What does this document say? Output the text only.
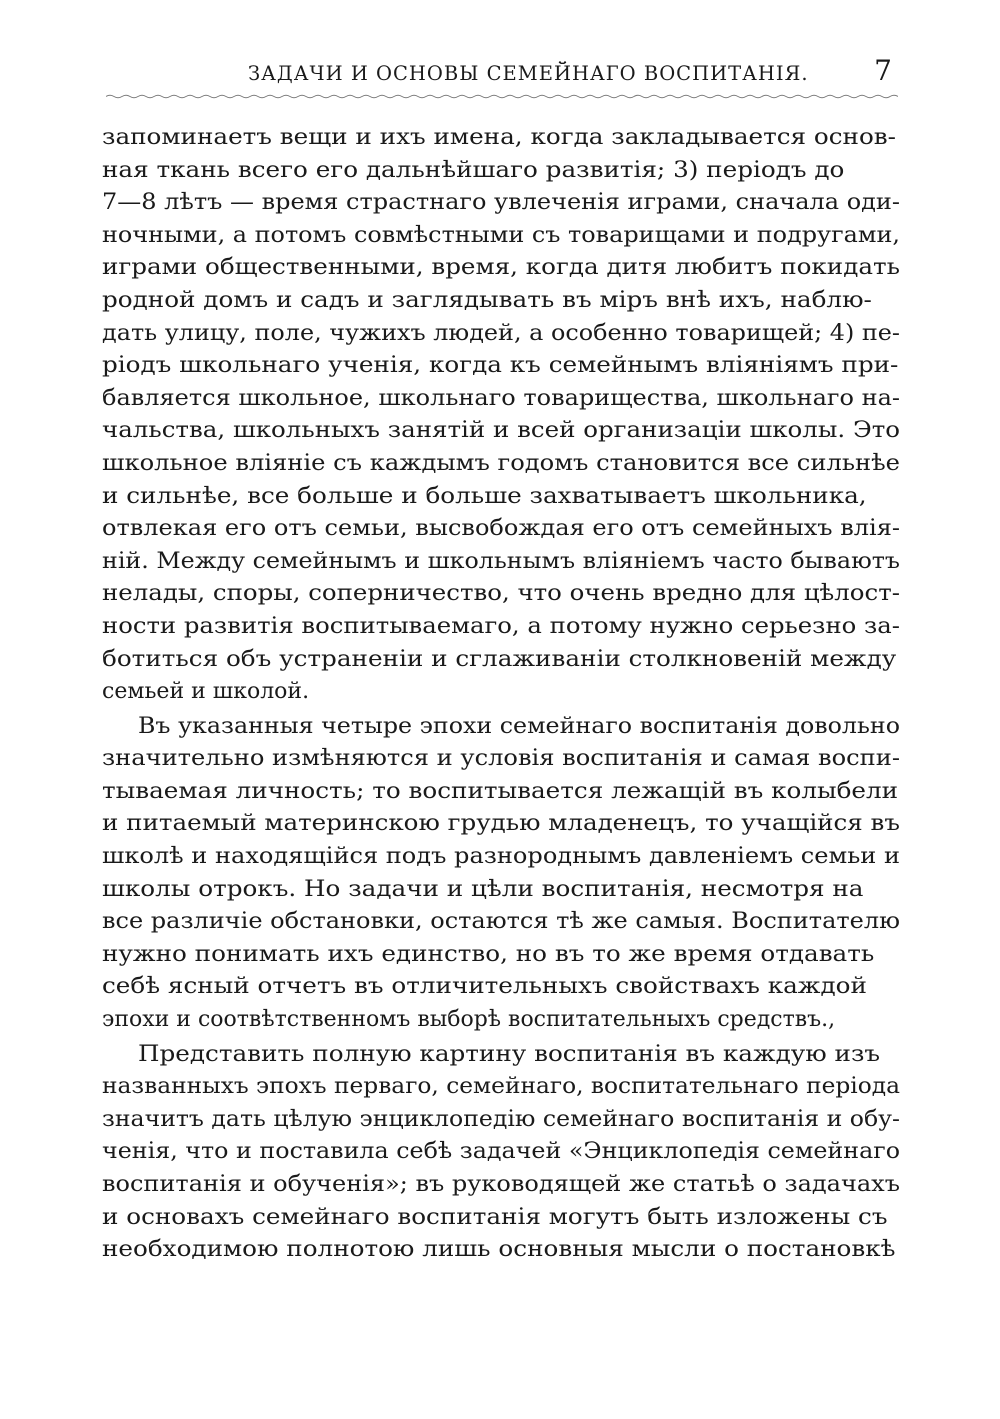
ЗАДАЧИ И ОСНОВЫ СЕМЕЙНАГО ВОСПИТАНІЯ. 7
запоминаетъ вещи и ихъ имена, когда закладывается основ-
ная ткань всего его дальнѣйшаго развитія; 3) періодъ до
7—8 лѣтъ — время страстнаго увлеченія играми, сначала оди-
ночными, а потомъ совмѣстными съ товарищами и подругами,
играми общественными, время, когда дитя любитъ покидать
родной домъ и садъ и заглядывать въ міръ внѣ ихъ, наблю-
дать улицу, поле, чужихъ людей, а особенно товарищей; 4) пе-
ріодъ школьнаго ученія, когда къ семейнымъ вліяніямъ при-
бавляется школьное, школьнаго товарищества, школьнаго на-
чальства, школьныхъ занятій и всей организаціи школы. Это
школьное вліяніе съ каждымъ годомъ становится все сильнѣе
и сильнѣе, все больше и больше захватываетъ школьника,
отвлекая его отъ семьи, высвобождая его отъ семейныхъ влія-
ній. Между семейнымъ и школьнымъ вліяніемъ часто бываютъ
нелады, споры, соперничество, что очень вредно для цѣлост-
ности развитія воспитываемаго, а потому нужно серьезно за-
ботиться объ устраненіи и сглаживаніи столкновеній между
семьей и школой.
Въ указанныя четыре эпохи семейнаго воспитанія довольно
значительно измѣняются и условія воспитанія и самая воспи-
тываемая личность; то воспитывается лежащій въ колыбели
и питаемый материнскою грудью младенецъ, то учащійся въ
школѣ и находящійся подъ разнороднымъ давленіемъ семьи и
школы отрокъ. Но задачи и цѣли воспитанія, несмотря на
все различіе обстановки, остаются тѣ же самыя. Воспитателю
нужно понимать ихъ единство, но въ то же время отдавать
себѣ ясный отчетъ въ отличительныхъ свойствахъ каждой
эпохи и соотвѣтственномъ выборѣ воспитательныхъ средствъ.,
Представить полную картину воспитанія въ каждую изъ
названныхъ эпохъ перваго, семейнаго, воспитательнаго періода
значитъ дать цѣлую энциклопедію семейнаго воспитанія и обу-
ченія, что и поставила себѣ задачей «Энциклопедія семейнаго
воспитанія и обученія»; въ руководящей же статьѣ о задачахъ
и основахъ семейнаго воспитанія могутъ быть изложены съ
необходимою полнотою лишь основныя мысли о постановкѣ
